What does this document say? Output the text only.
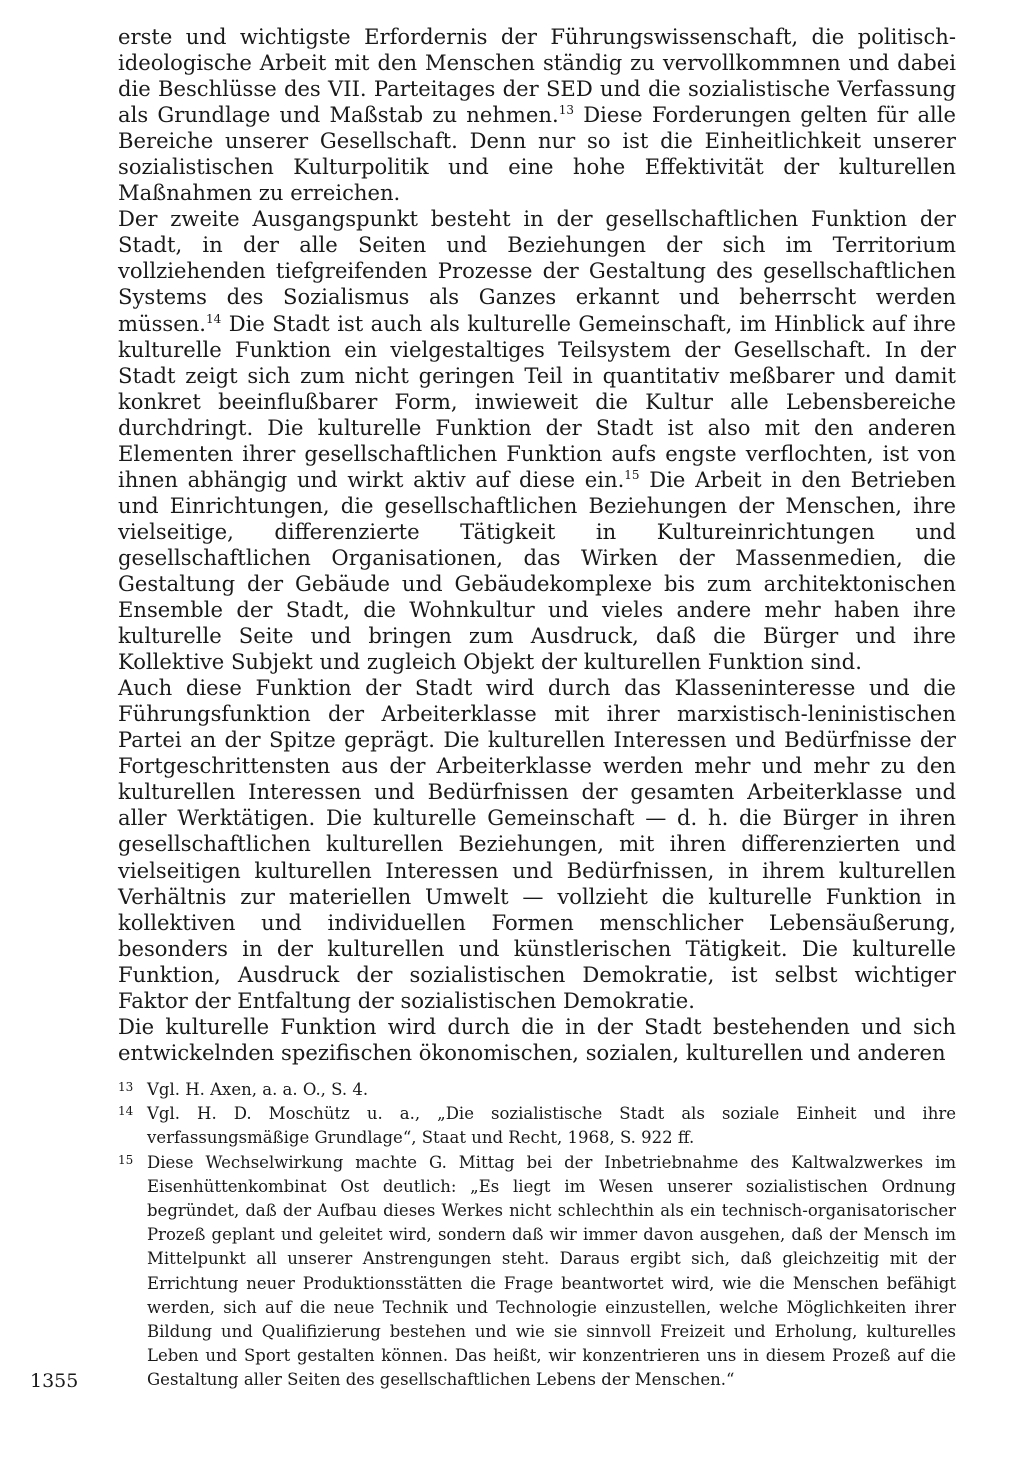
erste und wichtigste Erfordernis der Führungswissenschaft, die politisch-ideologische Arbeit mit den Menschen ständig zu vervollkommnen und dabei die Beschlüsse des VII. Parteitages der SED und die sozialistische Verfassung als Grundlage und Maßstab zu nehmen.$^{13}$ Diese Forderungen gelten für alle Bereiche unserer Gesellschaft. Denn nur so ist die Einheitlichkeit unserer sozialistischen Kulturpolitik und eine hohe Effektivität der kulturellen Maßnahmen zu erreichen.

Der zweite Ausgangspunkt besteht in der gesellschaftlichen Funktion der Stadt, in der alle Seiten und Beziehungen der sich im Territorium vollziehenden tiefgreifenden Prozesse der Gestaltung des gesellschaftlichen Systems des Sozialismus als Ganzes erkannt und beherrscht werden müssen.$^{14}$ Die Stadt ist auch als kulturelle Gemeinschaft, im Hinblick auf ihre kulturelle Funktion ein vielgestaltiges Teilsystem der Gesellschaft. In der Stadt zeigt sich zum nicht geringen Teil in quantitativ meßbarer und damit konkret beeinflußbarer Form, inwieweit die Kultur alle Lebensbereiche durchdringt. Die kulturelle Funktion der Stadt ist also mit den anderen Elementen ihrer gesellschaftlichen Funktion aufs engste verflochten, ist von ihnen abhängig und wirkt aktiv auf diese ein.$^{15}$ Die Arbeit in den Betrieben und Einrichtungen, die gesellschaftlichen Beziehungen der Menschen, ihre vielseitige, differenzierte Tätigkeit in Kultureinrichtungen und gesellschaftlichen Organisationen, das Wirken der Massenmedien, die Gestaltung der Gebäude und Gebäudekomplexe bis zum architektonischen Ensemble der Stadt, die Wohnkultur und vieles andere mehr haben ihre kulturelle Seite und bringen zum Ausdruck, daß die Bürger und ihre Kollektive Subjekt und zugleich Objekt der kulturellen Funktion sind.

Auch diese Funktion der Stadt wird durch das Klasseninteresse und die Führungsfunktion der Arbeiterklasse mit ihrer marxistisch-leninistischen Partei an der Spitze geprägt. Die kulturellen Interessen und Bedürfnisse der Fortgeschrittensten aus der Arbeiterklasse werden mehr und mehr zu den kulturellen Interessen und Bedürfnissen der gesamten Arbeiterklasse und aller Werktätigen. Die kulturelle Gemeinschaft — d. h. die Bürger in ihren gesellschaftlichen kulturellen Beziehungen, mit ihren differenzierten und vielseitigen kulturellen Interessen und Bedürfnissen, in ihrem kulturellen Verhältnis zur materiellen Umwelt — vollzieht die kulturelle Funktion in kollektiven und individuellen Formen menschlicher Lebensäußerung, besonders in der kulturellen und künstlerischen Tätigkeit. Die kulturelle Funktion, Ausdruck der sozialistischen Demokratie, ist selbst wichtiger Faktor der Entfaltung der sozialistischen Demokratie.

Die kulturelle Funktion wird durch die in der Stadt bestehenden und sich entwickelnden spezifischen ökonomischen, sozialen, kulturellen und anderen

13 Vgl. H. Axen, a. a. O., S. 4.

14 Vgl. H. D. Moschütz u. a., „Die sozialistische Stadt als soziale Einheit und ihre verfassungsmäßige Grundlage“, Staat und Recht, 1968, S. 922 ff.

15 Diese Wechselwirkung machte G. Mittag bei der Inbetriebnahme des Kaltwalzwerkes im Eisenhüttenkombinat Ost deutlich: „Es liegt im Wesen unserer sozialistischen Ordnung begründet, daß der Aufbau dieses Werkes nicht schlechthin als ein technisch-organisatorischer Prozeß geplant und geleitet wird, sondern daß wir immer davon ausgehen, daß der Mensch im Mittelpunkt all unserer Anstrengungen steht. Daraus ergibt sich, daß gleichzeitig mit der Errichtung neuer Produktionsstätten die Frage beantwortet wird, wie die Menschen befähigt werden, sich auf die neue Technik und Technologie einzustellen, welche Möglichkeiten ihrer Bildung und Qualifizierung bestehen und wie sie sinnvoll Freizeit und Erholung, kulturelles Leben und Sport gestalten können. Das heißt, wir konzentrieren uns in diesem Prozeß auf die Gestaltung aller Seiten des gesellschaftlichen Lebens der Menschen.“

1355
